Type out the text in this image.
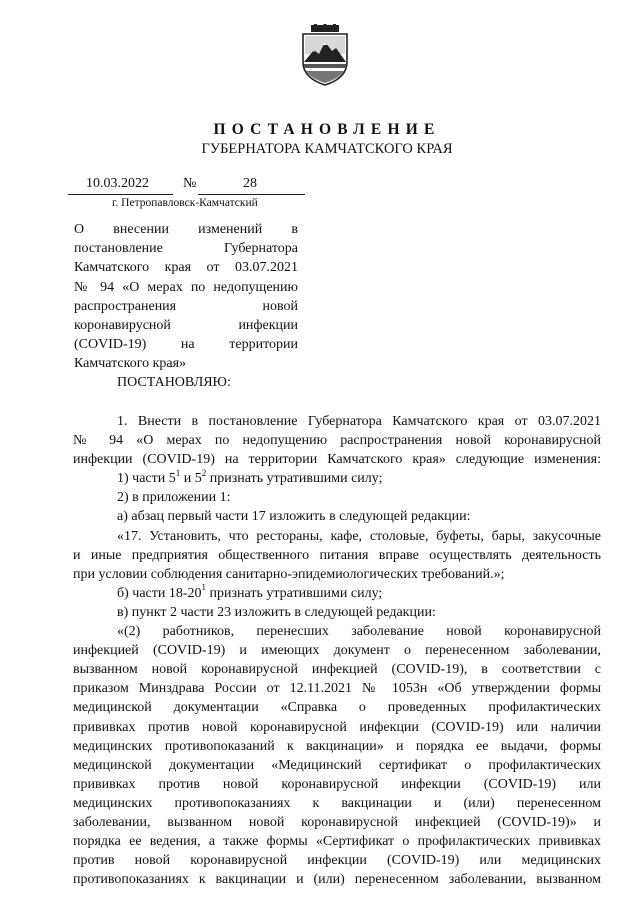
ПОСТАНОВЛЕНИЕ
ГУБЕРНАТОРА КАМЧАТСКОГО КРАЯ
10.03.2022 №	28
г. Петропавловск-Камчатский
О внесении изменений в
постановление Губернатора
Камчатского края от 03.07.2021
№ 94 «О мерах по недопущению
распространения новой
коронавирусной инфекции
(COVID-19) на территории
Камчатского края»
ПОСТАНОВЛЯЮ:
1. Внести в постановление Губернатора Камчатского края от 03.07.2021
№ 94 «О мерах по недопущению распространения новой коронавирусной
инфекции (COVID-19) на территории Камчатского края» следующие изменения:
1) части $5^1$ и $5^2$ признать утратившими силу;
2) в приложении 1:
а) абзац первый части 17 изложить в следующей редакции:
«17. Установить, что рестораны, кафе, столовые, буфеты, бары, закусочные
и иные предприятия общественного питания вправе осуществлять деятельность
при условии соблюдения санитарно-эпидемиологических требований.»;
б) части $18-20^1$ признать утратившими силу;
в) пункт 2 части 23 изложить в следующей редакции:
«(2) работников, перенесших заболевание новой коронавирусной
инфекцией (COVID-19) и имеющих документ о перенесенном заболевании,
вызванном новой коронавирусной инфекцией (COVID-19), в соответствии с
приказом Минздрава России от 12.11.2021 № 1053н «Об утверждении формы
медицинской документации «Справка о проведенных профилактических
прививках против новой коронавирусной инфекции (COVID-19) или наличии
медицинских противопоказаний к вакцинации» и порядка ее выдачи, формы
медицинской документации «Медицинский сертификат о профилактических
прививках против новой коронавирусной инфекции (COVID-19) или
медицинских противопоказаниях к вакцинации и (или) перенесенном
заболевании, вызванном новой коронавирусной инфекцией (COVID-19)» и
порядка ее ведения, а также формы «Сертификат о профилактических прививках
против новой коронавирусной инфекции (COVID-19) или медицинских
противопоказаниях к вакцинации и (или) перенесенном заболевании, вызванном
